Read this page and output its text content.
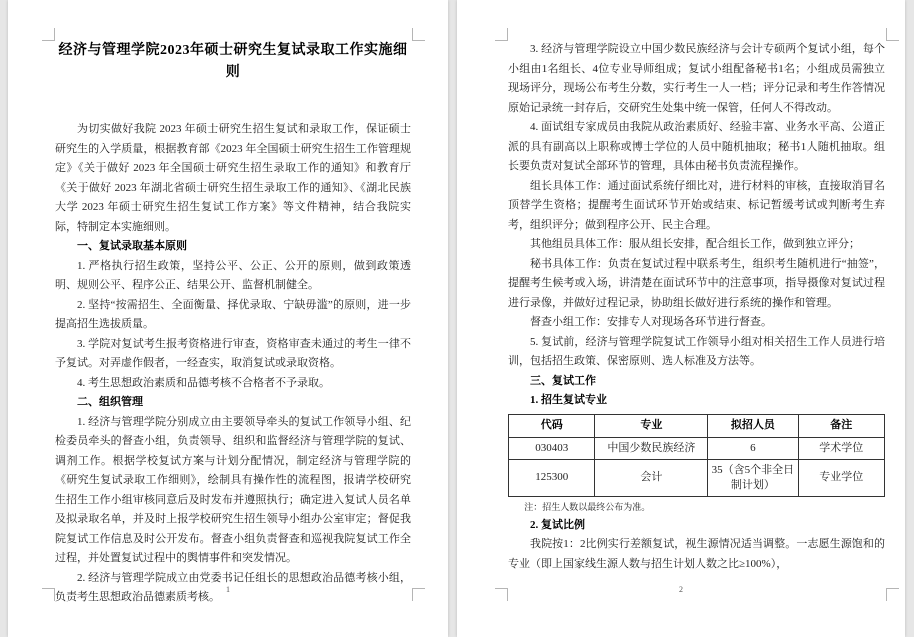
经济与管理学院2023年硕士研究生复试录取工作实施细则

为切实做好我院 2023 年硕士研究生招生复试和录取工作，保证硕士研究生的入学质量，根据教育部《2023 年全国硕士研究生招生工作管理规定》《关于做好 2023 年全国硕士研究生招生录取工作的通知》和教育厅《关于做好 2023 年湖北省硕士研究生招生录取工作的通知》、《湖北民族大学 2023 年硕士研究生招生复试工作方案》等文件精神，结合我院实际，特制定本实施细则。

一、复试录取基本原则

1. 严格执行招生政策，坚持公平、公正、公开的原则，做到政策透明、规则公平、程序公正、结果公开、监督机制健全。

2. 坚持“按需招生、全面衡量、择优录取、宁缺毋滥”的原则，进一步提高招生选拔质量。

3. 学院对复试考生报考资格进行审查，资格审查未通过的考生一律不予复试。对弄虚作假者，一经查实，取消复试或录取资格。

4. 考生思想政治素质和品德考核不合格者不予录取。

二、组织管理

1. 经济与管理学院分别成立由主要领导牵头的复试工作领导小组、纪检委员牵头的督查小组，负责领导、组织和监督经济与管理学院的复试、调剂工作。根据学校复试方案与计划分配情况，制定经济与管理学院的《研究生复试录取工作细则》，绘制具有操作性的流程图，报请学校研究生招生工作小组审核同意后及时发布并遵照执行；确定进入复试人员名单及拟录取名单，并及时上报学校研究生招生领导小组办公室审定；督促我院复试工作信息及时公开发布。督查小组负责督查和巡视我院复试工作全过程，并处置复试过程中的舆情事件和突发情况。

2. 经济与管理学院成立由党委书记任组长的思想政治品德考核小组，负责考生思想政治品德素质考核。

1

3. 经济与管理学院设立中国少数民族经济与会计专硕两个复试小组，每个小组由1名组长、4位专业导师组成；复试小组配备秘书1名；小组成员需独立现场评分，现场公布考生分数，实行考生一人一档；评分记录和考生作答情况原始记录统一封存后，交研究生处集中统一保管，任何人不得改动。

4. 面试组专家成员由我院从政治素质好、经验丰富、业务水平高、公道正派的具有副高以上职称或博士学位的人员中随机抽取；秘书1人随机抽取。组长要负责对复试全部环节的管理，具体由秘书负责流程操作。

组长具体工作：通过面试系统仔细比对，进行材料的审核，直接取消冒名顶替学生资格；提醒考生面试环节开始或结束、标记暂缓考试或判断考生弃考，组织评分；做到程序公开、民主合理。

其他组员具体工作：服从组长安排，配合组长工作，做到独立评分；

秘书具体工作：负责在复试过程中联系考生，组织考生随机进行“抽签”，提醒考生候考或入场，讲清楚在面试环节中的注意事项，指导摄像对复试过程进行录像，并做好过程记录，协助组长做好进行系统的操作和管理。

督查小组工作：安排专人对现场各环节进行督查。

5. 复试前，经济与管理学院复试工作领导小组对相关招生工作人员进行培训，包括招生政策、保密原则、选人标准及方法等。

三、复试工作

1. 招生复试专业

代码	专业	拟招人员	备注
030403	中国少数民族经济	6	学术学位
125300	会计	35（含5个非全日制计划）	专业学位

注：招生人数以最终公布为准。

2. 复试比例

我院按1：2比例实行差额复试，视生源情况适当调整。一志愿生源饱和的专业（即上国家线生源人数与招生计划人数之比≥100%），

2
